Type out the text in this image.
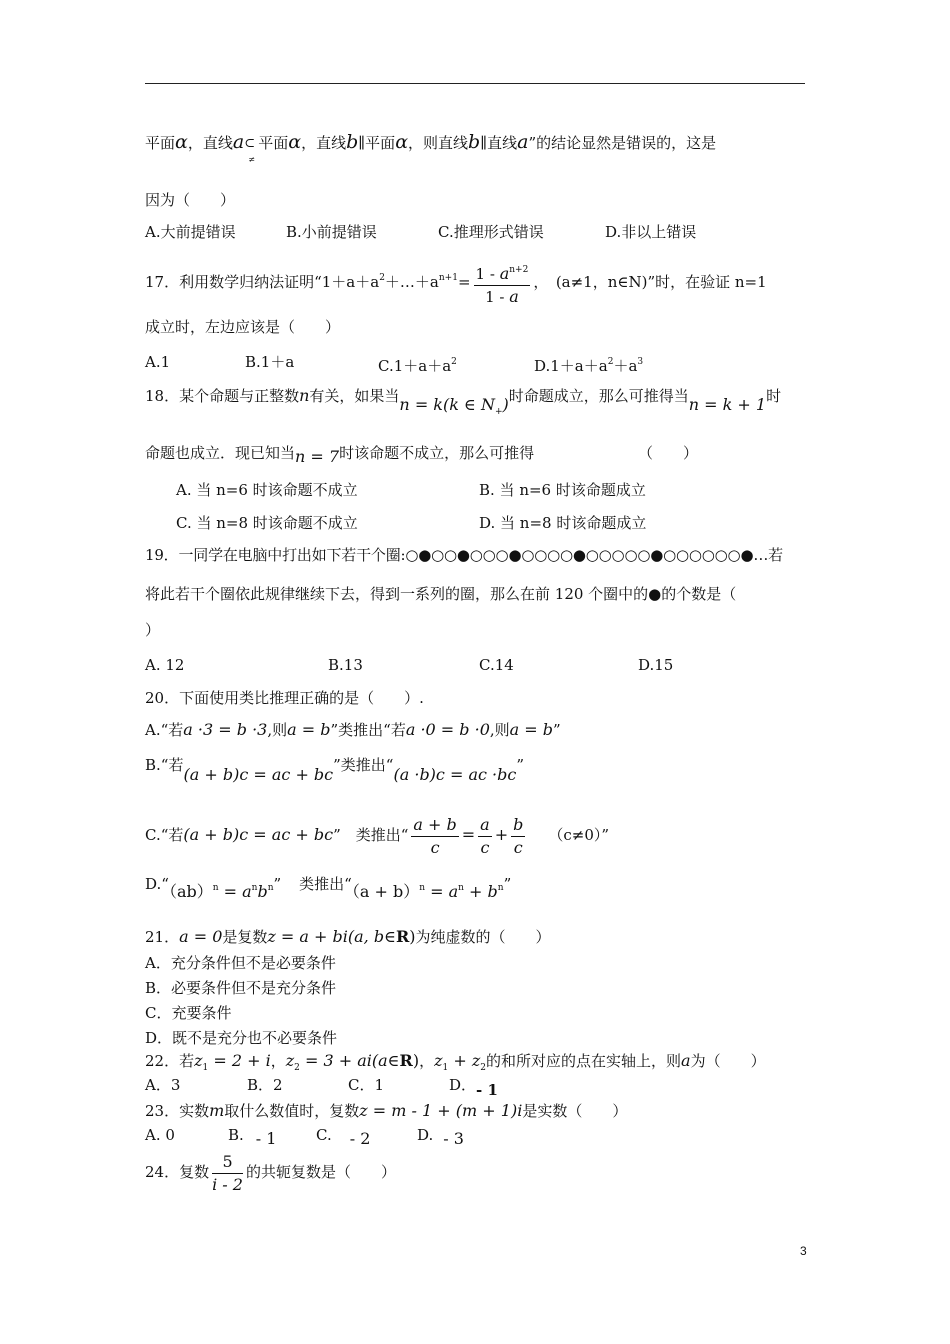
平面α，直线a ⊂
≠
平面α，直线b∥平面α，则直线b∥直线a”的结论显然是错误的，这是
因为（　　）
A.大前提错误	B.小前提错误	C.推理形式错误	D.非以上错误
17．利用数学归纳法证明“$1+a+a^2+\dots+a^{n+1}= \frac{1 - a^{n+2}}{1 - a}$ ，　(a≠1，n∈N)”时，在验证 n=1
成立时，左边应该是（　　）
A.1	B.1＋a	$C.1+a+a^2$	$D.1+a+a^2+a^3$
18．某个命题与正整数n有关，如果当n = k(k ∈ $N_+$)时命题成立，那么可推得当n = k + 1时
命题也成立．现已知当n = 7时该命题不成立，那么可推得	（　　）
A. 当 n=6 时该命题不成立	B. 当 n=6 时该命题成立
C. 当 n=8 时该命题不成立	D. 当 n=8 时该命题成立
19．一同学在电脑中打出如下若干个圈:○●○○●○○○●○○○○●○○○○○●○○○○○○●…若
将此若干个圈依此规律继续下去，得到一系列的圈，那么在前 120 个圈中的●的个数是（
）
A. 12	B.13	C.14	D.15
20．下面使用类比推理正确的是（　　）.
A.“若a ·3 = b ·3,则a = b”类推出“若a ·0 = b ·0,则a = b”
B.“若(a + b)c = ac + bc”类推出“(a ·b)c = ac ·bc”
C.“若(a + b)c = ac + bc”　类推出“ $\frac{a + b}{c} = \frac{a}{c} + \frac{b}{c} (c\ne 0)$”
D.“（ab）$^n$ = $a^nb^n$” 类推出“$(a + b)^n = a^n + b^n$”
21．a = 0是复数z = a + bi(a, b∈R)为纯虚数的（　　）
A．充分条件但不是必要条件
B．必要条件但不是充分条件
C．充要条件
D．既不是充分也不必要条件
22．若$z_1 = 2 + i$，$z_2 = 3$ + ai(a∈R)，$z_1 + z_2$的和所对应的点在实轴上，则a为（　　）
A．3	B．2	C．1	D．- 1
23．实数m取什么数值时，复数z = m - 1 + (m + 1)i是实数（　　）
A. 0	B. - 1	C. - 2	D. - 3
24．复数 $\frac{5}{i - 2}$ 的共轭复数是（　　）
3
